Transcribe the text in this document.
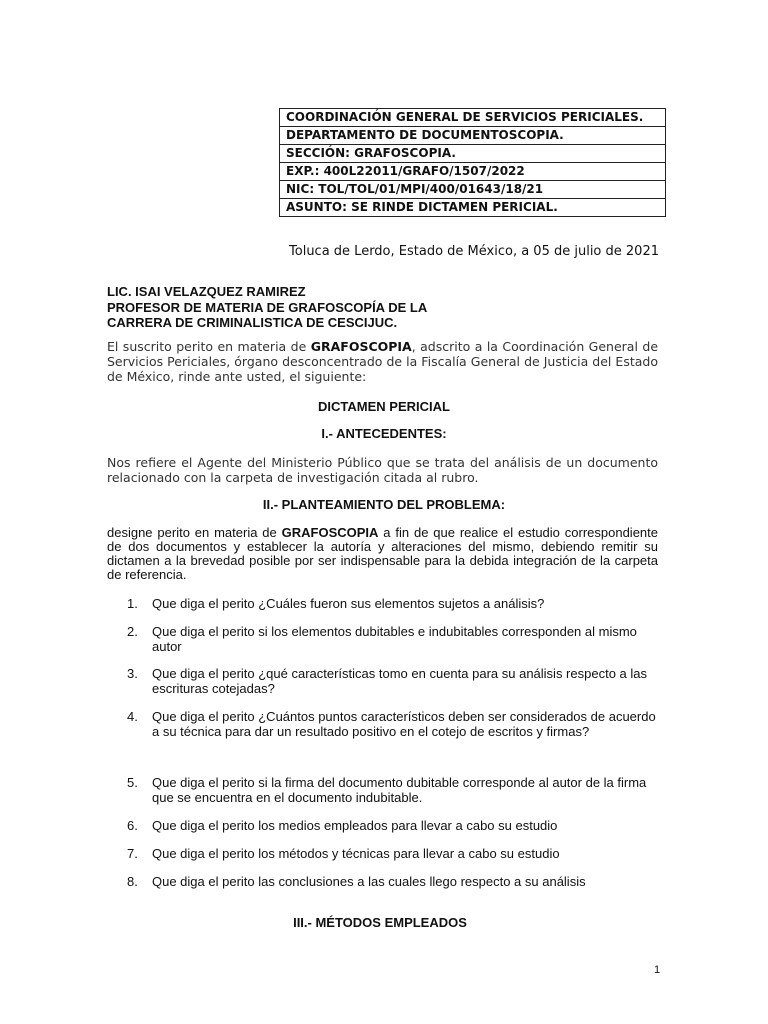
COORDINACIÓN GENERAL DE SERVICIOS PERICIALES.
DEPARTAMENTO DE DOCUMENTOSCOPIA.
SECCIÓN: GRAFOSCOPIA.
EXP.: 400L22011/GRAFO/1507/2022
NIC: TOL/TOL/01/MPI/400/01643/18/21
ASUNTO: SE RINDE DICTAMEN PERICIAL.
Toluca de Lerdo, Estado de México, a 05 de julio de 2021
LIC. ISAI VELAZQUEZ RAMIREZ
PROFESOR DE MATERIA DE GRAFOSCOPÍA DE LA
CARRERA DE CRIMINALISTICA DE CESCIJUC.
El suscrito perito en materia de GRAFOSCOPIA, adscrito a la Coordinación General de Servicios Periciales, órgano desconcentrado de la Fiscalía General de Justicia del Estado de México, rinde ante usted, el siguiente:
DICTAMEN PERICIAL
I.- ANTECEDENTES:
Nos refiere el Agente del Ministerio Público que se trata del análisis de un documento relacionado con la carpeta de investigación citada al rubro.
II.- PLANTEAMIENTO DEL PROBLEMA:
designe perito en materia de GRAFOSCOPIA a fin de que realice el estudio correspondiente de dos documentos y establecer la autoría y alteraciones del mismo, debiendo remitir su dictamen a la brevedad posible por ser indispensable para la debida integración de la carpeta de referencia.
1. Que diga el perito ¿Cuáles fueron sus elementos sujetos a análisis?
2. Que diga el perito si los elementos dubitables e indubitables corresponden al mismo autor
3. Que diga el perito ¿qué características tomo en cuenta para su análisis respecto a las escrituras cotejadas?
4. Que diga el perito ¿Cuántos puntos característicos deben ser considerados de acuerdo a su técnica para dar un resultado positivo en el cotejo de escritos y firmas?
5. Que diga el perito si la firma del documento dubitable corresponde al autor de la firma que se encuentra en el documento indubitable.
6. Que diga el perito los medios empleados para llevar a cabo su estudio
7. Que diga el perito los métodos y técnicas para llevar a cabo su estudio
8. Que diga el perito las conclusiones a las cuales llego respecto a su análisis
III.- MÉTODOS EMPLEADOS
1
